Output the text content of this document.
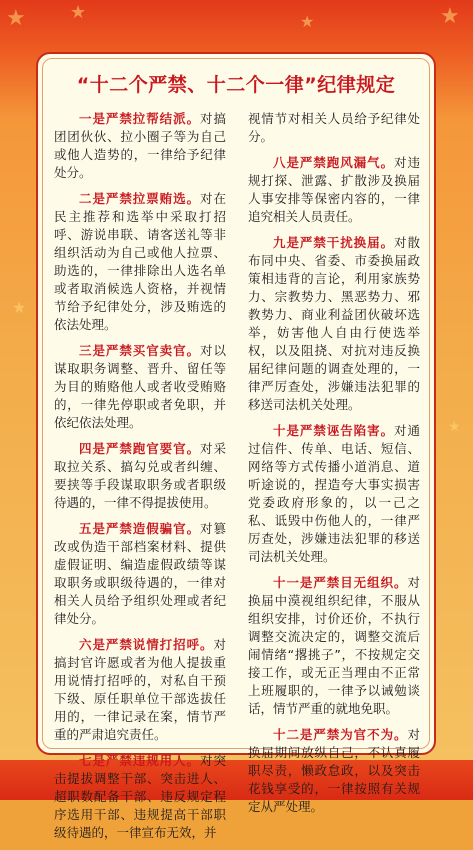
★ ★	★	★
★
★
“十二个严禁、十二个一律”纪律规定

一是严禁拉帮结派。对搞团团伙伙、拉小圈子等为自己或他人造势的，一律给予纪律处分。

二是严禁拉票贿选。对在民主推荐和选举中采取打招呼、游说串联、请客送礼等非组织活动为自己或他人拉票、助选的，一律排除出人选名单或者取消候选人资格，并视情节给予纪律处分，涉及贿选的依法处理。

三是严禁买官卖官。对以谋取职务调整、晋升、留任等为目的贿赂他人或者收受贿赂的，一律先停职或者免职，并依纪依法处理。

四是严禁跑官要官。对采取拉关系、搞勾兑或者纠缠、要挟等手段谋取职务或者职级待遇的，一律不得提拔使用。

五是严禁造假骗官。对篡改或伪造干部档案材料、提供虚假证明、编造虚假政绩等谋取职务或职级待遇的，一律对相关人员给予组织处理或者纪律处分。

六是严禁说情打招呼。对搞封官许愿或者为他人提拔重用说情打招呼的，对私自干预下级、原任职单位干部选拔任用的，一律记录在案，情节严重的严肃追究责任。

七是严禁违规用人。对突击提拔调整干部、突击进人、超职数配备干部、违反规定程序选用干部、违规提高干部职级待遇的，一律宣布无效，并

视情节对相关人员给予纪律处分。

八是严禁跑风漏气。对违规打探、泄露、扩散涉及换届人事安排等保密内容的，一律追究相关人员责任。

九是严禁干扰换届。对散布同中央、省委、市委换届政策相违背的言论，利用家族势力、宗教势力、黑恶势力、邪教势力、商业利益团伙破坏选举，妨害他人自由行使选举权，以及阻挠、对抗对违反换届纪律问题的调查处理的，一律严厉查处，涉嫌违法犯罪的移送司法机关处理。

十是严禁诬告陷害。对通过信件、传单、电话、短信、网络等方式传播小道消息、道听途说的，捏造夸大事实损害党委政府形象的，以一己之私、诋毁中伤他人的，一律严厉查处，涉嫌违法犯罪的移送司法机关处理。

十一是严禁目无组织。对换届中漠视组织纪律，不服从组织安排，讨价还价，不执行调整交流决定的，调整交流后闹情绪“撂挑子”，不按规定交接工作，或无正当理由不正常上班履职的，一律予以诫勉谈话，情节严重的就地免职。

十二是严禁为官不为。对换届期间放纵自己，不认真履职尽责，懒政怠政，以及突击花钱享受的，一律按照有关规定从严处理。
